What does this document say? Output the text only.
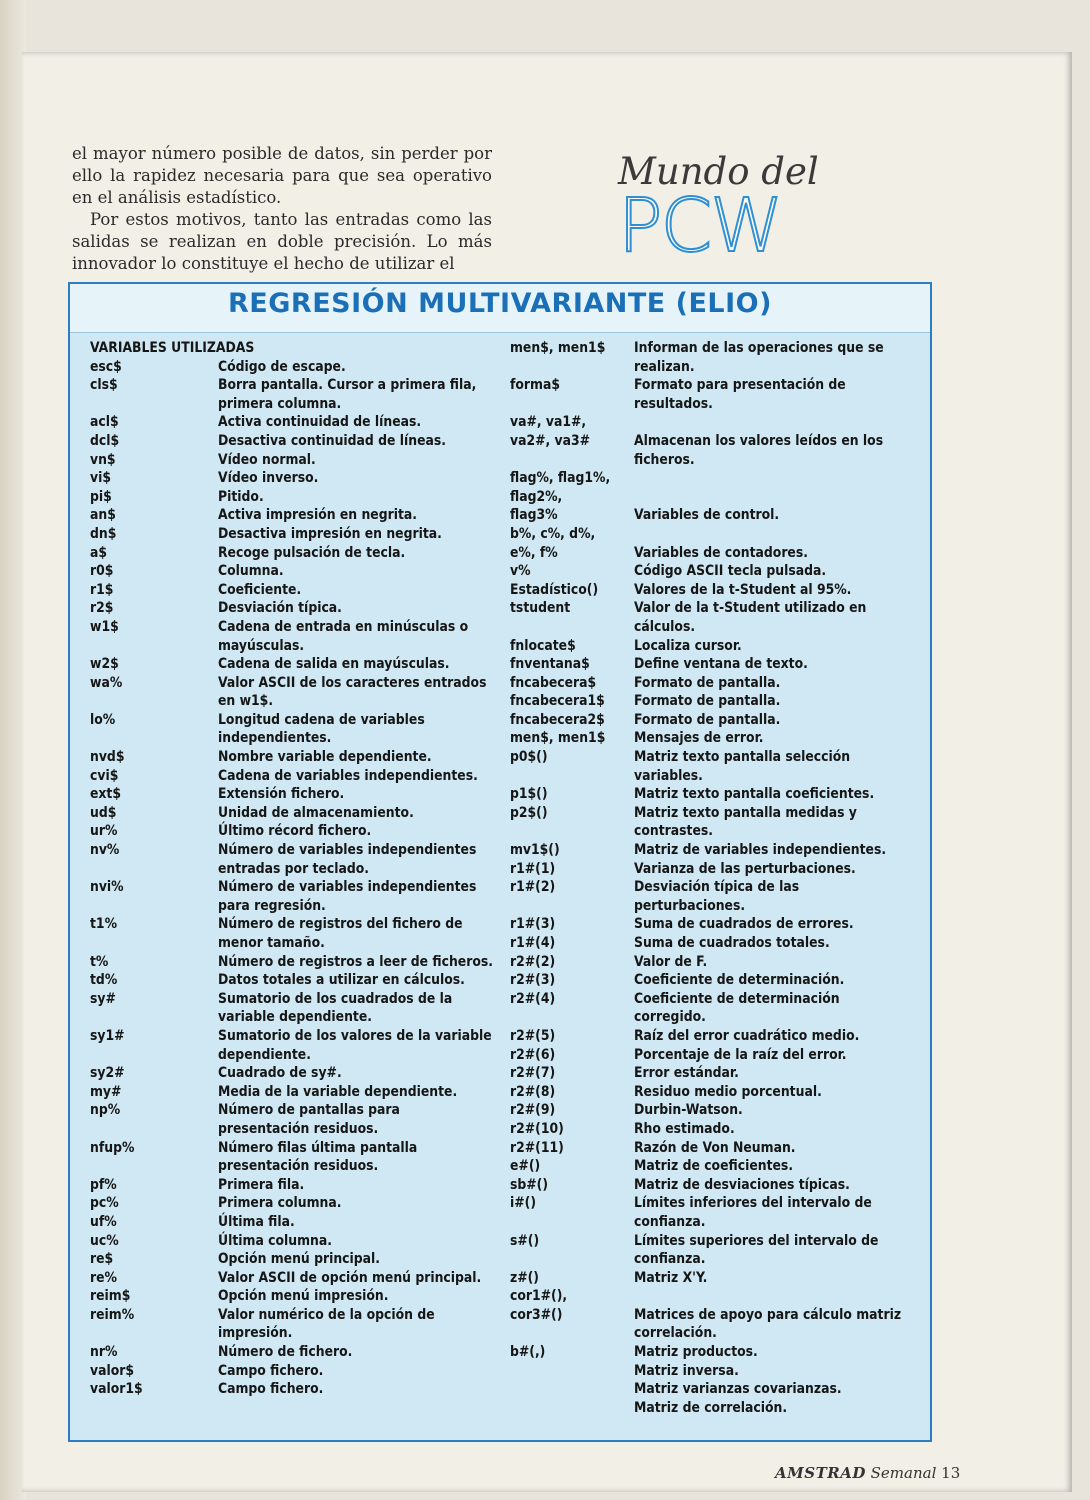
el mayor número posible de datos, sin perder por ello la rapidez necesaria para que sea operativo en el análisis estadístico.

Por estos motivos, tanto las entradas como las salidas se realizan en doble precisión. Lo más innovador lo constituye el hecho de utilizar el

Mundo del
PCW
REGRESIÓN MULTIVARIANTE (ELIO)
VARIABLES UTILIZADAS
esc$	Código de escape.
cls$	Borra pantalla. Cursor a primera fila, primera columna.
acl$	Activa continuidad de líneas.
dcl$	Desactiva continuidad de líneas.
vn$	Vídeo normal.
vi$	Vídeo inverso.
pi$	Pitido.
an$	Activa impresión en negrita.
dn$	Desactiva impresión en negrita.
a$	Recoge pulsación de tecla.
r0$	Columna.
r1$	Coeficiente.
r2$	Desviación típica.
w1$	Cadena de entrada en minúsculas o mayúsculas.
w2$	Cadena de salida en mayúsculas.
wa%	Valor ASCII de los caracteres entrados en w1$.
lo%	Longitud cadena de variables independientes.
nvd$	Nombre variable dependiente.
cvi$	Cadena de variables independientes.
ext$	Extensión fichero.
ud$	Unidad de almacenamiento.
ur%	Último récord fichero.
nv%	Número de variables independientes entradas por teclado.
nvi%	Número de variables independientes para regresión.
t1%	Número de registros del fichero de menor tamaño.
t%	Número de registros a leer de ficheros.
td%	Datos totales a utilizar en cálculos.
sy#	Sumatorio de los cuadrados de la variable dependiente.
sy1#	Sumatorio de los valores de la variable dependiente.
sy2#	Cuadrado de sy#.
my#	Media de la variable dependiente.
np%	Número de pantallas para presentación residuos.
nfup%	Número filas última pantalla presentación residuos.
pf%	Primera fila.
pc%	Primera columna.
uf%	Última fila.
uc%	Última columna.
re$	Opción menú principal.
re%	Valor ASCII de opción menú principal.
reim$	Opción menú impresión.
reim%	Valor numérico de la opción de impresión.
nr%	Número de fichero.
valor$	Campo fichero.
valor1$	Campo fichero.
men$, men1$	Informan de las operaciones que se realizan.
forma$	Formato para presentación de resultados.
va#, va1#,
va2#, va3#	Almacenan los valores leídos en los ficheros.
flag%, flag1%,
flag2%,
flag3%	Variables de control.
b%, c%, d%,
e%, f%	Variables de contadores.
v%	Código ASCII tecla pulsada.
Estadístico()	Valores de la t-Student al 95%.
tstudent	Valor de la t-Student utilizado en cálculos.
fnlocate$	Localiza cursor.
fnventana$	Define ventana de texto.
fncabecera$	Formato de pantalla.
fncabecera1$	Formato de pantalla.
fncabecera2$	Formato de pantalla.
men$, men1$	Mensajes de error.
p0$()	Matriz texto pantalla selección variables.
p1$()	Matriz texto pantalla coeficientes.
p2$()	Matriz texto pantalla medidas y contrastes.
mv1$()	Matriz de variables independientes.
r1#(1)	Varianza de las perturbaciones.
r1#(2)	Desviación típica de las perturbaciones.
r1#(3)	Suma de cuadrados de errores.
r1#(4)	Suma de cuadrados totales.
r2#(2)	Valor de F.
r2#(3)	Coeficiente de determinación.
r2#(4)	Coeficiente de determinación corregido.
r2#(5)	Raíz del error cuadrático medio.
r2#(6)	Porcentaje de la raíz del error.
r2#(7)	Error estándar.
r2#(8)	Residuo medio porcentual.
r2#(9)	Durbin-Watson.
r2#(10)	Rho estimado.
r2#(11)	Razón de Von Neuman.
e#()	Matriz de coeficientes.
sb#()	Matriz de desviaciones típicas.
i#()	Límites inferiores del intervalo de confianza.
s#()	Límites superiores del intervalo de confianza.
z#()	Matriz X'Y.
cor1#(),
cor3#()	Matrices de apoyo para cálculo matriz correlación.
b#(,)	Matriz productos.
Matriz inversa.
Matriz varianzas covarianzas.
Matriz de correlación.
AMSTRAD Semanal 13
